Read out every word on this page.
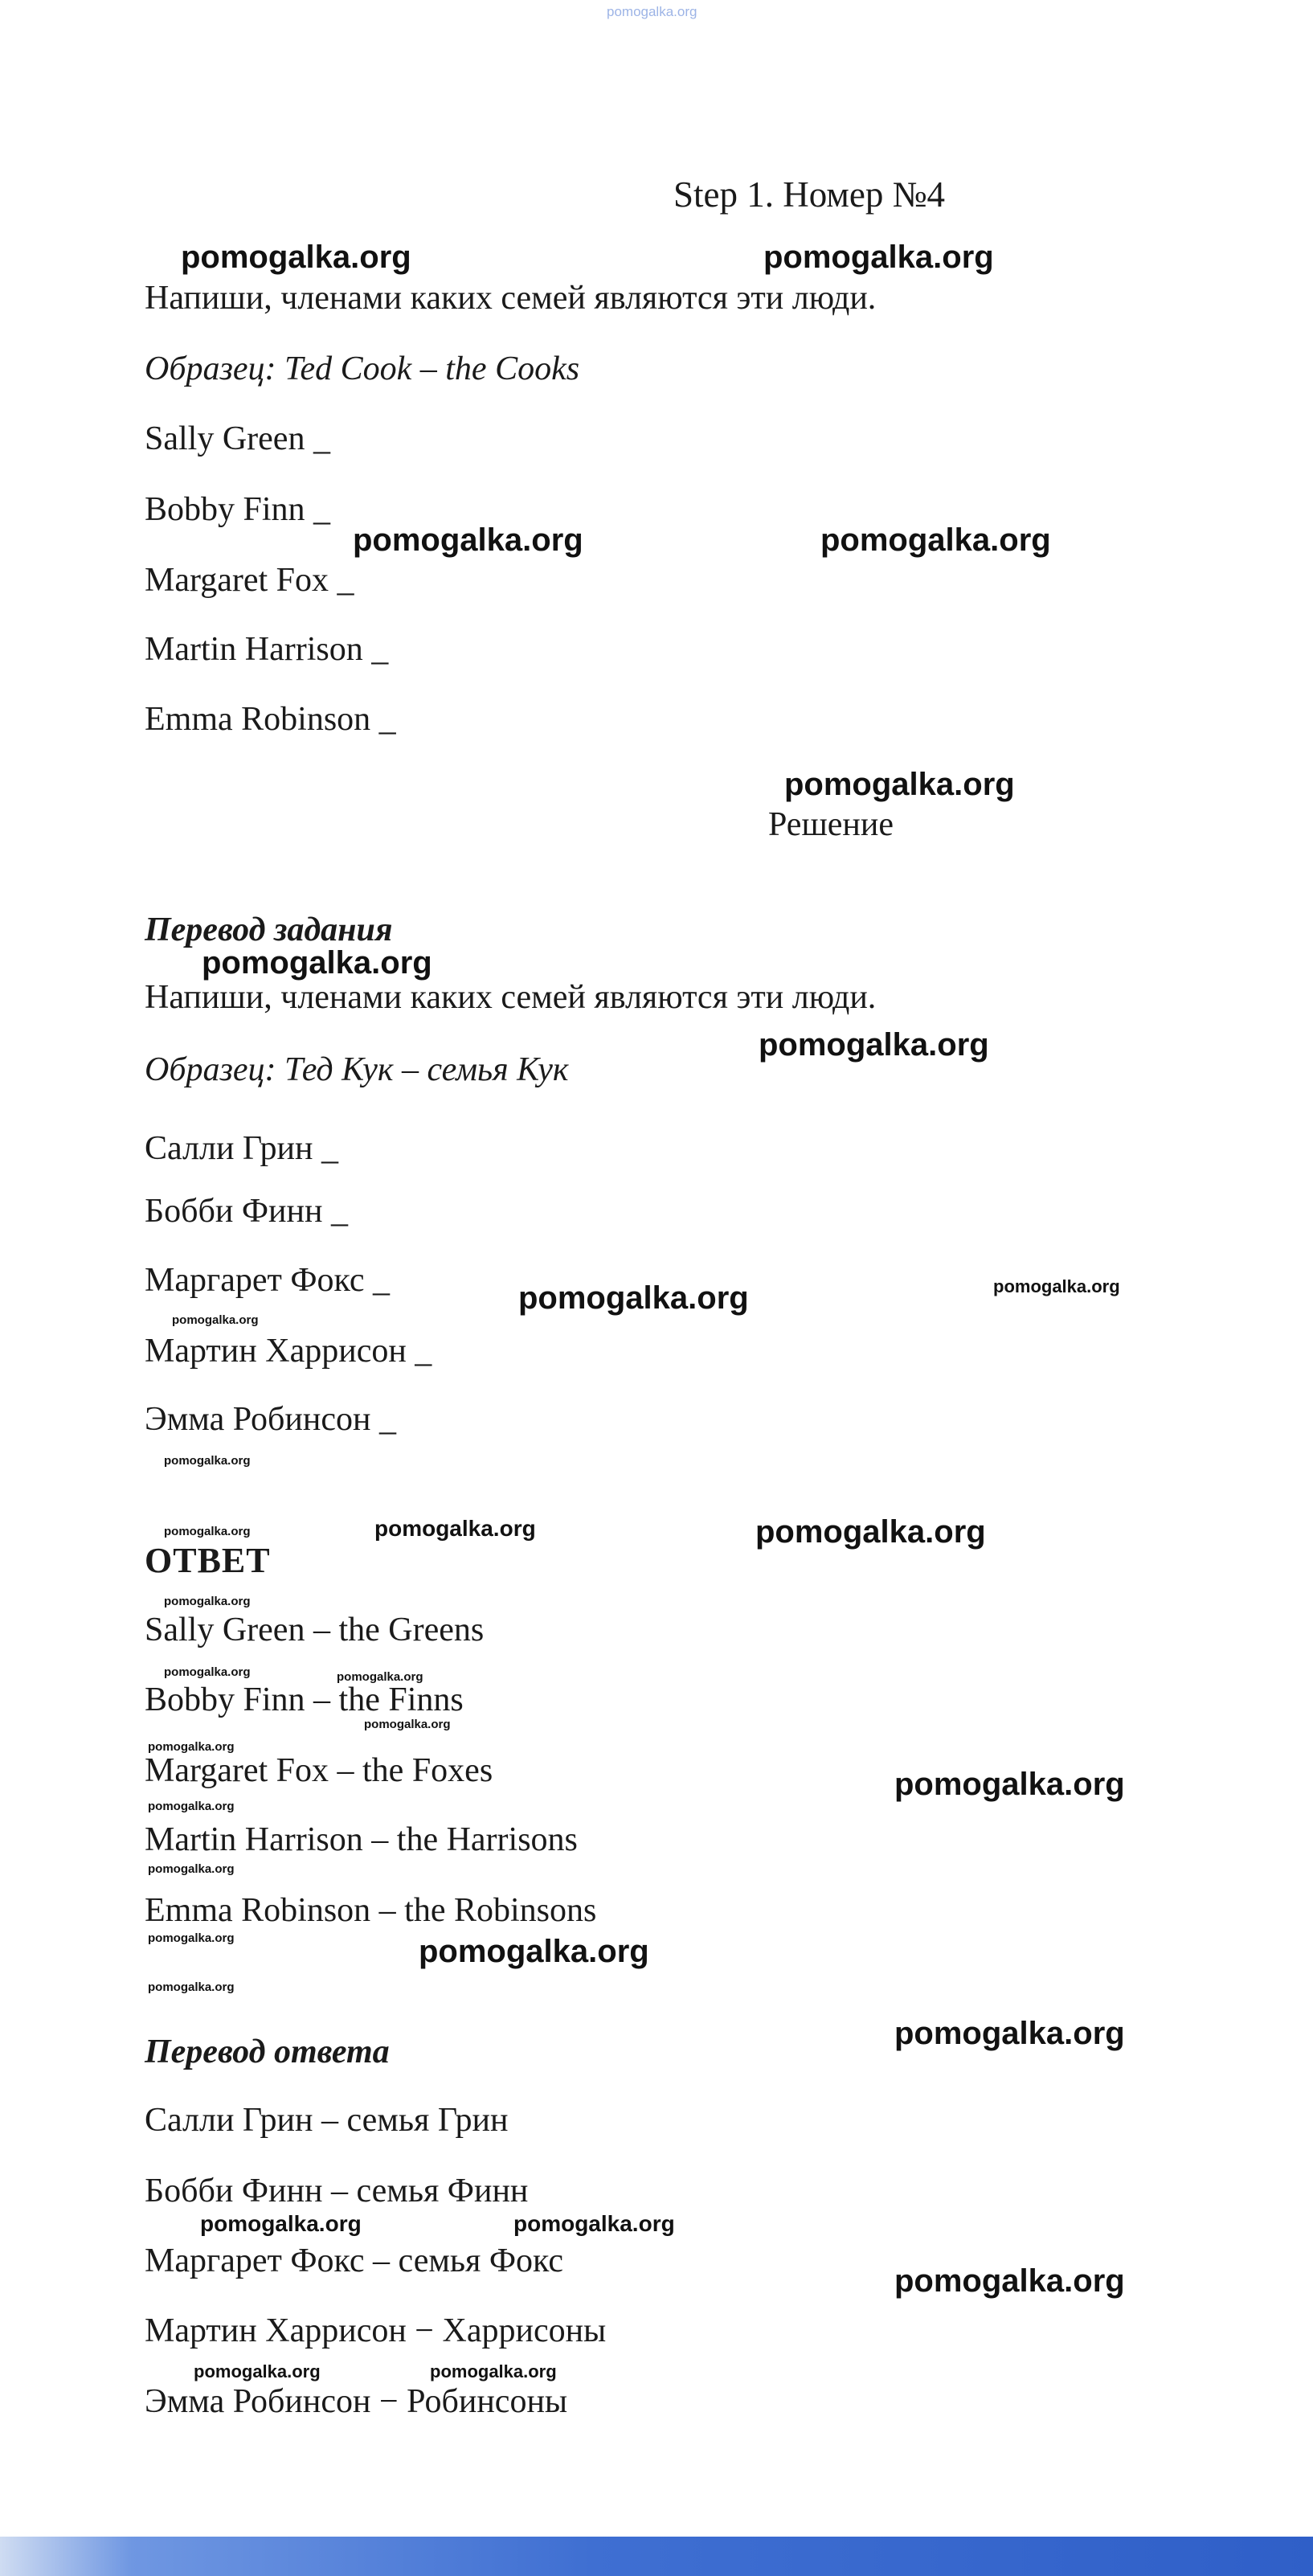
pomogalka.org
Step 1. Номер №4
pomogalka.org	pomogalka.org
Напиши, членами каких семей являются эти люди.
Образец: Ted Cook – the Cooks
Sally Green _
Bobby Finn _
Margaret Fox _
Martin Harrison _
Emma Robinson _
pomogalka.org	pomogalka.org
pomogalka.org
Решение
Перевод задания
pomogalka.org
Напиши, членами каких семей являются эти люди.
Образец: Тед Кук – семья Кук
pomogalka.org
Салли Грин _
Бобби Финн _
Маргарет Фокс _
Мартин Харрисон _
Эмма Робинсон _
pomogalka.org	pomogalka.org
pomogalka.org
pomogalka.org
pomogalka.org	pomogalka.org	pomogalka.org
ОТВЕТ
pomogalka.org
Sally Green – the Greens
pomogalka.org	pomogalka.org
Bobby Finn – the Finns
pomogalka.org
pomogalka.org
Margaret Fox – the Foxes	pomogalka.org
pomogalka.org
Martin Harrison – the Harrisons
pomogalka.org
Emma Robinson – the Robinsons
pomogalka.org	pomogalka.org
pomogalka.org
pomogalka.org
Перевод ответа
Салли Грин – семья Грин
Бобби Финн – семья Финн
pomogalka.org	pomogalka.org
Маргарет Фокс – семья Фокс
pomogalka.org
Мартин Харрисон − Харрисоны
pomogalka.org	pomogalka.org
Эмма Робинсон − Робинсоны
